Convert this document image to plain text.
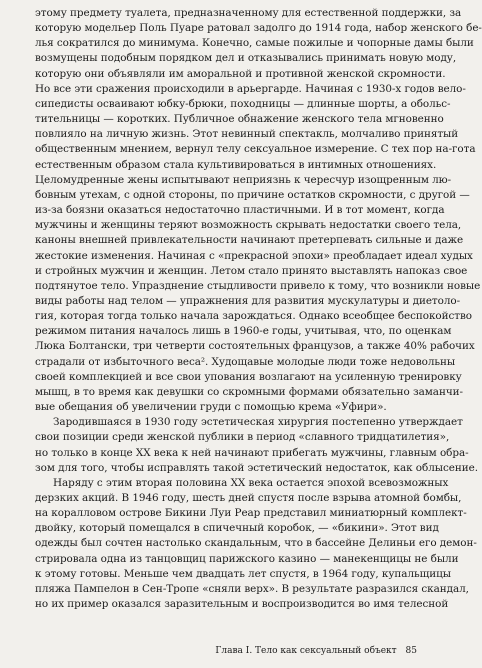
этому предмету туалета, предназначенному для естественной поддержки, за
которую модельер Поль Пуаре ратовал задолго до 1914 года, набор женского бе-
лья сократился до минимума. Конечно, самые пожилые и чопорные дамы были
возмущены подобным порядком дел и отказывались принимать новую моду,
которую они объявляли им аморальной и противной женской скромности.
Но все эти сражения происходили в арьергарде. Начиная с 1930-х годов вело-
сипедисты осваивают юбку-брюки, походницы — длинные шорты, а обольс-
тительницы — коротких. Публичное обнажение женского тела мгновенно
повлияло на личную жизнь. Этот невинный спектакль, молчаливо принятый
общественным мнением, вернул телу сексуальное измерение. С тех пор на-гота
естественным образом стала культивироваться в интимных отношениях.
Целомудренные жены испытывают неприязнь к чересчур изощренным лю-
бовным утехам, с одной стороны, по причине остатков скромности, с другой —
из-за боязни оказаться недостаточно пластичными. И в тот момент, когда
мужчины и женщины теряют возможность скрывать недостатки своего тела,
каноны внешней привлекательности начинают претерпевать сильные и даже
жестокие изменения. Начиная с «прекрасной эпохи» преобладает идеал худых
и стройных мужчин и женщин. Летом стало принято выставлять напоказ свое
подтянутое тело. Упразднение стыдливости привело к тому, что возникли новые
виды работы над телом — упражнения для развития мускулатуры и диетоло-
гия, которая тогда только начала зарождаться. Однако всеобщее беспокойство
режимом питания началось лишь в 1960-е годы, учитывая, что, по оценкам
Люка Болтански, три четверти состоятельных французов, а также 40% рабочих
страдали от избыточного веса². Худощавые молодые люди тоже недовольны
своей комплекцией и все свои упования возлагают на усиленную тренировку
мышц, в то время как девушки со скромными формами обязательно заманчи-
вые обещания об увеличении груди с помощью крема «Уфири».
Зародившаяся в 1930 году эстетическая хирургия постепенно утверждает
свои позиции среди женской публики в период «славного тридцатилетия»,
но только в конце XX века к ней начинают прибегать мужчины, главным обра-
зом для того, чтобы исправлять такой эстетический недостаток, как облысение.
Наряду с этим вторая половина XX века остается эпохой всевозможных
дерзких акций. В 1946 году, шесть дней спустя после взрыва атомной бомбы,
на коралловом острове Бикини Луи Реар представил миниатюрный комплект-
двойку, который помещался в спичечный коробок, — «бикини». Этот вид
одежды был сочтен настолько скандальным, что в бассейне Делиньи его демон-
стрировала одна из танцовщиц парижского казино — манекенщицы не были
к этому готовы. Меньше чем двадцать лет спустя, в 1964 году, купальщицы
пляжа Пампелон в Сен-Тропе «сняли верх». В результате разразился скандал,
но их пример оказался заразительным и воспроизводится во имя телесной
Глава I. Тело как сексуальный объект 85
